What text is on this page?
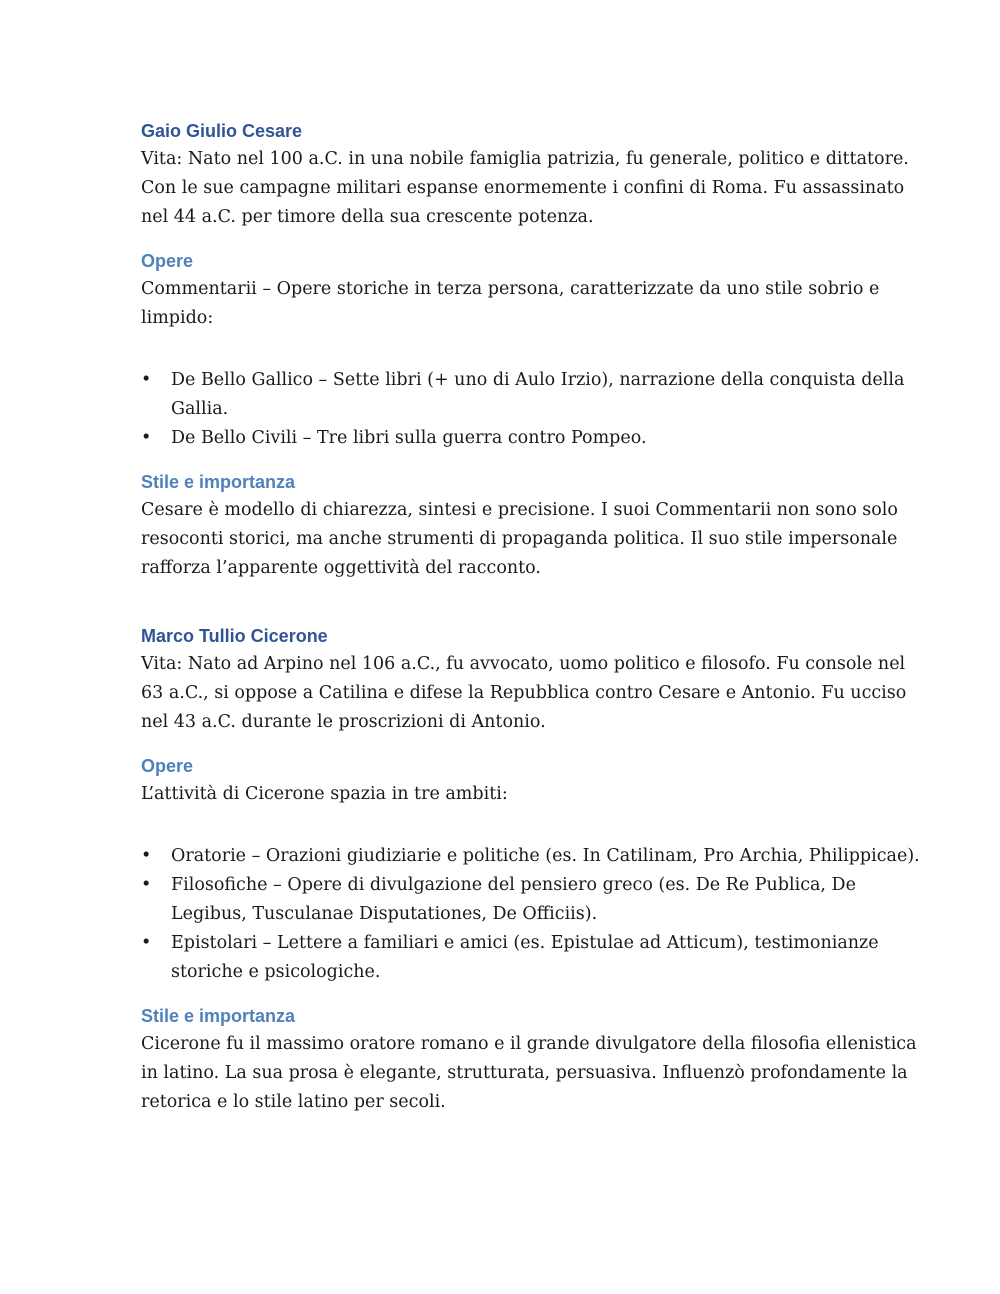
Gaio Giulio Cesare

Vita: Nato nel 100 a.C. in una nobile famiglia patrizia, fu generale, politico e dittatore. Con le sue campagne militari espanse enormemente i confini di Roma. Fu assassinato nel 44 a.C. per timore della sua crescente potenza.

Opere

Commentarii – Opere storiche in terza persona, caratterizzate da uno stile sobrio e limpido:

• De Bello Gallico – Sette libri (+ uno di Aulo Irzio), narrazione della conquista della Gallia.
• De Bello Civili – Tre libri sulla guerra contro Pompeo.
Stile e importanza

Cesare è modello di chiarezza, sintesi e precisione. I suoi Commentarii non sono solo resoconti storici, ma anche strumenti di propaganda politica. Il suo stile impersonale rafforza l’apparente oggettività del racconto.

Marco Tullio Cicerone

Vita: Nato ad Arpino nel 106 a.C., fu avvocato, uomo politico e filosofo. Fu console nel 63 a.C., si oppose a Catilina e difese la Repubblica contro Cesare e Antonio. Fu ucciso nel 43 a.C. durante le proscrizioni di Antonio.

Opere

L’attività di Cicerone spazia in tre ambiti:

• Oratorie – Orazioni giudiziarie e politiche (es. In Catilinam, Pro Archia, Philippicae).
• Filosofiche – Opere di divulgazione del pensiero greco (es. De Re Publica, De Legibus, Tusculanae Disputationes, De Officiis).
• Epistolari – Lettere a familiari e amici (es. Epistulae ad Atticum), testimonianze storiche e psicologiche.
Stile e importanza

Cicerone fu il massimo oratore romano e il grande divulgatore della filosofia ellenistica in latino. La sua prosa è elegante, strutturata, persuasiva. Influenzò profondamente la retorica e lo stile latino per secoli.
